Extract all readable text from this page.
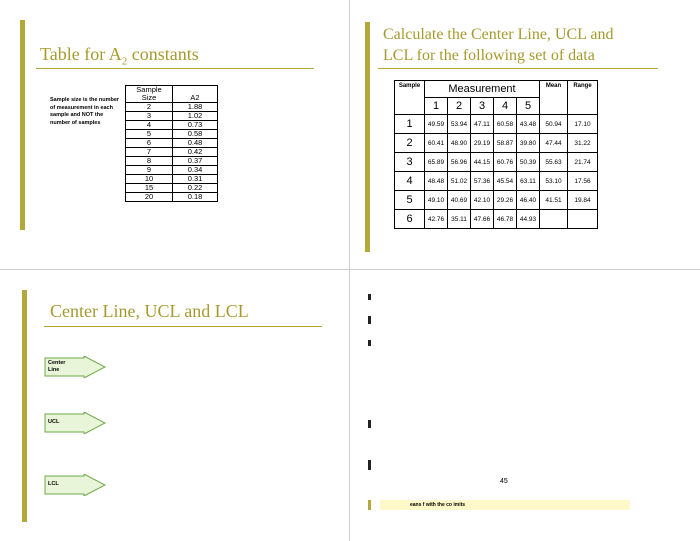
Table for $A_2$ constants
Sample size is the number of measurement in each sample and NOT the number of samples
Sample
Size	A2
2	1.88
3	1.02
4	0.73
5	0.58
6	0.48
7	0.42
8	0.37
9	0.34
10	0.31
15	0.22
20	0.18
Calculate the Center Line, UCL and
LCL for the following set of data
Sample	Measurement					Mean	Range
	1	2	3	4	5		
1	49.59	53.94	47.11	60.58	43.48	50.94	17.10
2	60.41	48.90	29.19	58.87	39.80	47.44	31.22
3	65.89	56.96	44.15	60.76	50.39	55.63	21.74
4	48.48	51.02	57.36	45.54	63.11	53.10	17.56
5	49.10	40.69	42.10	29.26	46.40	41.51	19.84
6	42.76	35.11	47.66	46.78	44.93		
Center Line, UCL and LCL
Center
Line
UCL
LCL	45
eans f with the co imits
